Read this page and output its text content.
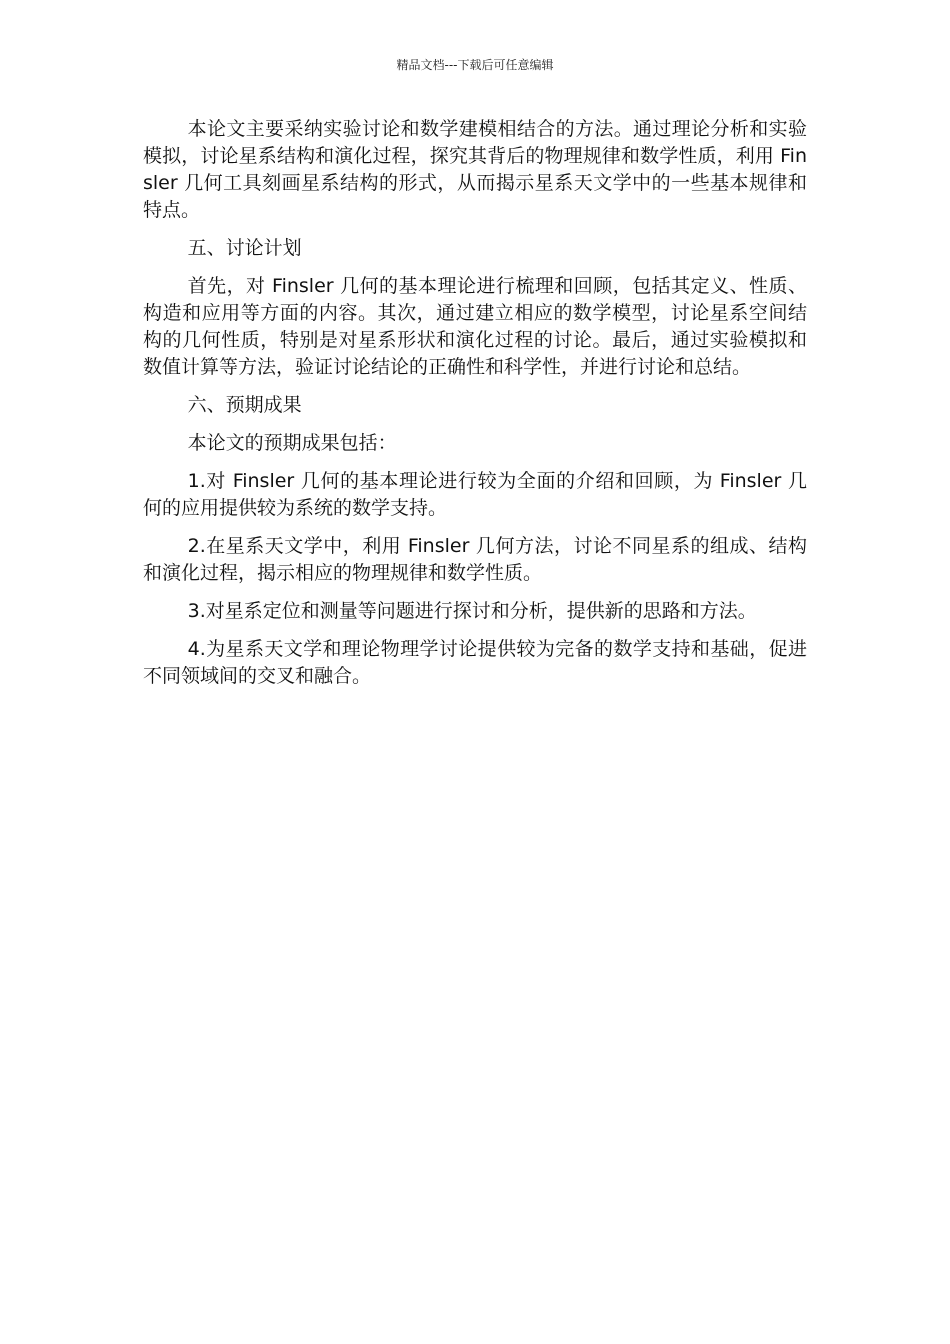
精品文档---下载后可任意编辑

本论文主要采纳实验讨论和数学建模相结合的方法。通过理论分析和实验模拟，讨论星系结构和演化过程，探究其背后的物理规律和数学性质，利用 Finsler 几何工具刻画星系结构的形式，从而揭示星系天文学中的一些基本规律和特点。

五、讨论计划

首先，对 Finsler 几何的基本理论进行梳理和回顾，包括其定义、性质、构造和应用等方面的内容。其次，通过建立相应的数学模型，讨论星系空间结构的几何性质，特别是对星系形状和演化过程的讨论。最后，通过实验模拟和数值计算等方法，验证讨论结论的正确性和科学性，并进行讨论和总结。

六、预期成果

本论文的预期成果包括：

1.对 Finsler 几何的基本理论进行较为全面的介绍和回顾，为 Finsler 几何的应用提供较为系统的数学支持。

2.在星系天文学中，利用 Finsler 几何方法，讨论不同星系的组成、结构和演化过程，揭示相应的物理规律和数学性质。

3.对星系定位和测量等问题进行探讨和分析，提供新的思路和方法。

4.为星系天文学和理论物理学讨论提供较为完备的数学支持和基础，促进不同领域间的交叉和融合。
